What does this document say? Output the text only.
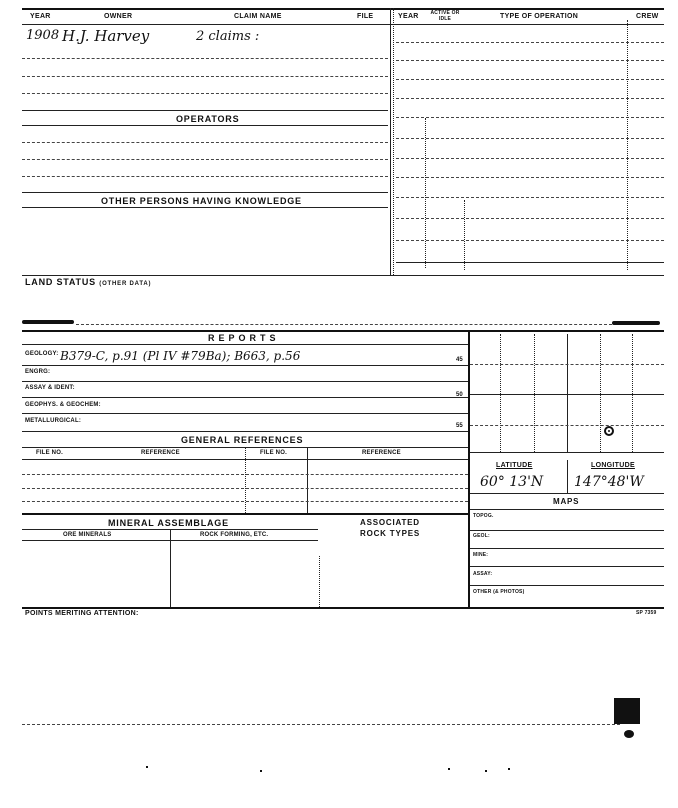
YEAR	OWNER	CLAIM NAME	FILE	YEAR	ACTIVE OR IDLE	TYPE OF OPERATION	CREW
1908 H.J. Harvey	2 claims :
OPERATORS
OTHER PERSONS HAVING KNOWLEDGE
LAND STATUS (OTHER DATA)
REPORTS
GEOLOGY: B379-C, p.91 (Pl IV #79Ba); B663, p.56	45
ENGRG:
ASSAY & IDENT:
50
GEOPHYS. & GEOCHEM:
METALLURGICAL:
55
GENERAL REFERENCES
FILE NO.	REFERENCE	FILE NO.	REFERENCE
MINERAL ASSEMBLAGE	ASSOCIATED
ROCK TYPES
ORE MINERALS	ROCK FORMING, ETC.
LATITUDE	LONGITUDE
60° 13'N 147°48'W
MAPS
TOPOG.
GEOL:
MINE:
ASSAY:
OTHER (& PHOTOS)
POINTS MERITING ATTENTION:	SP 7359
